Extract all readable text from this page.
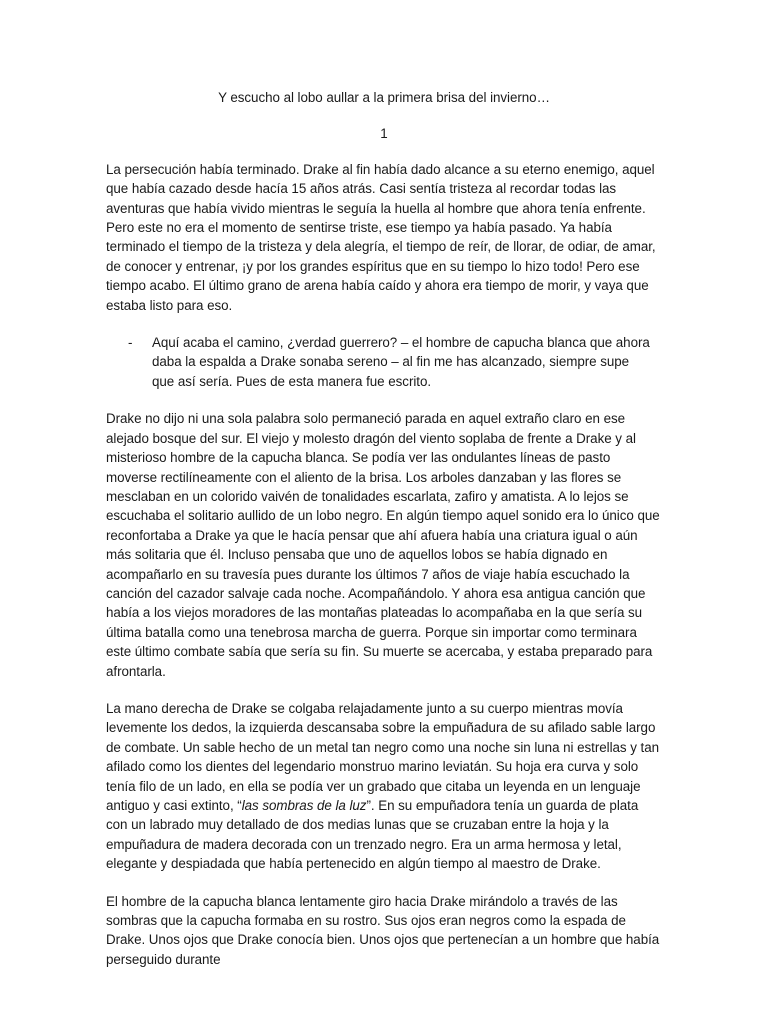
Y escucho al lobo aullar a la primera brisa del invierno…

1

La persecución había terminado. Drake al fin había dado alcance a su eterno enemigo, aquel que había cazado desde hacía 15 años atrás. Casi sentía tristeza al recordar todas las aventuras que había vivido mientras le seguía la huella al hombre que ahora tenía enfrente. Pero este no era el momento de sentirse triste, ese tiempo ya había pasado. Ya había terminado el tiempo de la tristeza y dela alegría, el tiempo de reír, de llorar, de odiar, de amar, de conocer y entrenar, ¡y por los grandes espíritus que en su tiempo lo hizo todo! Pero ese tiempo acabo. El último grano de arena había caído y ahora era tiempo de morir, y vaya que estaba listo para eso.

- Aquí acaba el camino, ¿verdad guerrero? – el hombre de capucha blanca que ahora daba la espalda a Drake sonaba sereno – al fin me has alcanzado, siempre supe que así sería. Pues de esta manera fue escrito.

Drake no dijo ni una sola palabra solo permaneció parada en aquel extraño claro en ese alejado bosque del sur. El viejo y molesto dragón del viento soplaba de frente a Drake y al misterioso hombre de la capucha blanca. Se podía ver las ondulantes líneas de pasto moverse rectilíneamente con el aliento de la brisa. Los arboles danzaban y las flores se mesclaban en un colorido vaivén de tonalidades escarlata, zafiro y amatista. A lo lejos se escuchaba el solitario aullido de un lobo negro. En algún tiempo aquel sonido era lo único que reconfortaba a Drake ya que le hacía pensar que ahí afuera había una criatura igual o aún más solitaria que él. Incluso pensaba que uno de aquellos lobos se había dignado en acompañarlo en su travesía pues durante los últimos 7 años de viaje había escuchado la canción del cazador salvaje cada noche. Acompañándolo. Y ahora esa antigua canción que había a los viejos moradores de las montañas plateadas lo acompañaba en la que sería su última batalla como una tenebrosa marcha de guerra. Porque sin importar como terminara este último combate sabía que sería su fin. Su muerte se acercaba, y estaba preparado para afrontarla.

La mano derecha de Drake se colgaba relajadamente junto a su cuerpo mientras movía levemente los dedos, la izquierda descansaba sobre la empuñadura de su afilado sable largo de combate. Un sable hecho de un metal tan negro como una noche sin luna ni estrellas y tan afilado como los dientes del legendario monstruo marino leviatán. Su hoja era curva y solo tenía filo de un lado, en ella se podía ver un grabado que citaba un leyenda en un lenguaje antiguo y casi extinto, “las sombras de la luz”. En su empuñadora tenía un guarda de plata con un labrado muy detallado de dos medias lunas que se cruzaban entre la hoja y la empuñadura de madera decorada con un trenzado negro. Era un arma hermosa y letal, elegante y despiadada que había pertenecido en algún tiempo al maestro de Drake.

El hombre de la capucha blanca lentamente giro hacia Drake mirándolo a través de las sombras que la capucha formaba en su rostro. Sus ojos eran negros como la espada de Drake. Unos ojos que Drake conocía bien. Unos ojos que pertenecían a un hombre que había perseguido durante
